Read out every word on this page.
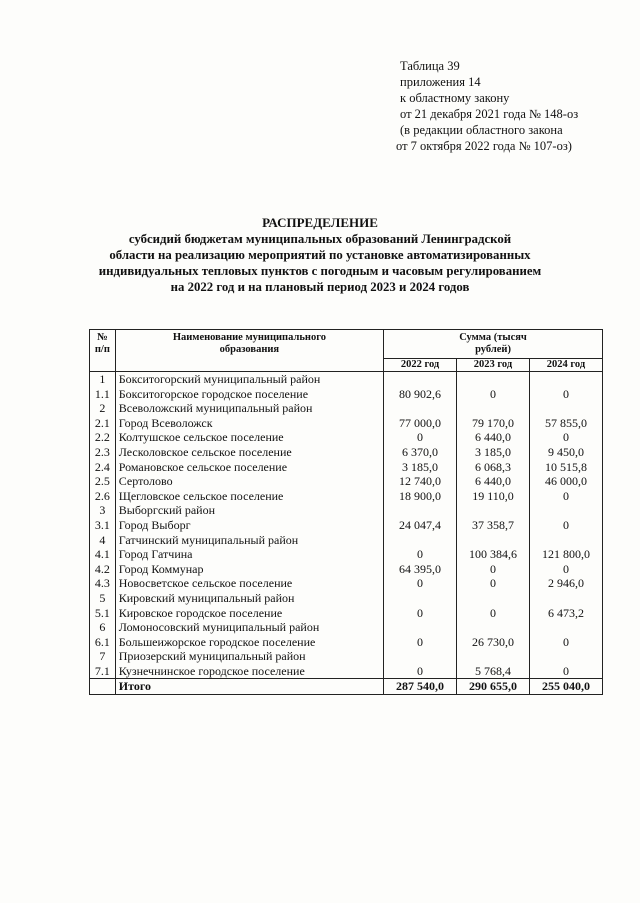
Таблица 39
приложения 14
к областному закону
от 21 декабря 2021 года № 148-оз
(в редакции областного закона
от 7 октября 2022 года № 107-оз)
РАСПРЕДЕЛЕНИЕ
субсидий бюджетам муниципальных образований Ленинградской
области на реализацию мероприятий по установке автоматизированных
индивидуальных тепловых пунктов с погодным и часовым регулированием
на 2022 год и на плановый период 2023 и 2024 годов
№ п/п	Наименование муниципального образования	Сумма (тысяч рублей)		
		2022 год	2023 год	2024 год
1	Бокситогорский муниципальный район			
1.1	Бокситогорское городское поселение	80 902,6	0	0
2	Всеволожский муниципальный район			
2.1	Город Всеволожск	77 000,0	79 170,0	57 855,0
2.2	Колтушское сельское поселение	0	6 440,0	0
2.3	Лесколовское сельское поселение	6 370,0	3 185,0	9 450,0
2.4	Романовское сельское поселение	3 185,0	6 068,3	10 515,8
2.5	Сертолово	12 740,0	6 440,0	46 000,0
2.6	Щегловское сельское поселение	18 900,0	19 110,0	0
3	Выборгский район			
3.1	Город Выборг	24 047,4	37 358,7	0
4	Гатчинский муниципальный район			
4.1	Город Гатчина	0	100 384,6	121 800,0
4.2	Город Коммунар	64 395,0	0	0
4.3	Новосветское сельское поселение	0	0	2 946,0
5	Кировский муниципальный район			
5.1	Кировское городское поселение	0	0	6 473,2
6	Ломоносовский муниципальный район			
6.1	Большеижорское городское поселение	0	26 730,0	0
7	Приозерский муниципальный район			
7.1	Кузнечнинское городское поселение	0	5 768,4	0
	Итого	287 540,0	290 655,0	255 040,0
